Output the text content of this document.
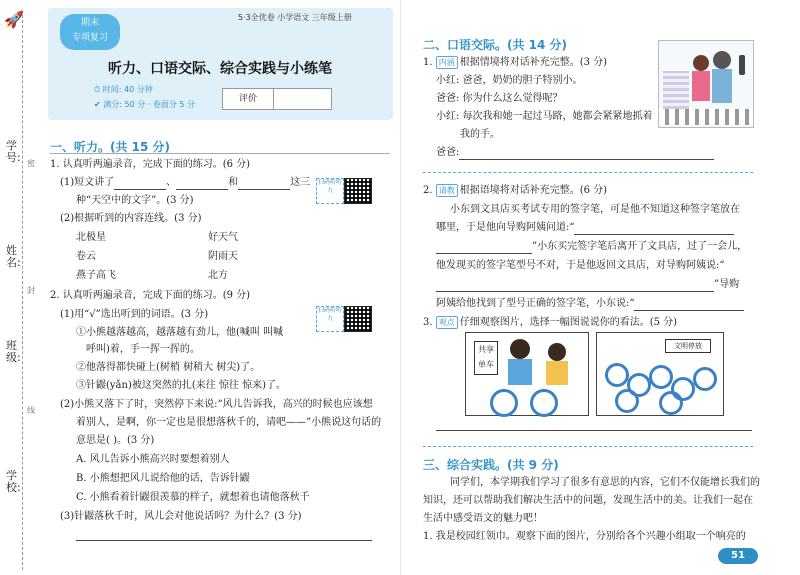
🚀
学号: 密
姓名:
封
班级:
线
学校:
期末
专项复习
5·3全优卷 小学语文 三年级上册
听力、口语交际、综合实践与小练笔
⏱ 时间: 40 分钟
✔ 满分: 50 分 · 卷面分 5 分
评价
一、听力。(共 15 分)
1. 认真听两遍录音，完成下面的练习。(6 分)
(1)短文讲了	、	和	这三
种“天空中的文字”。(3 分)
扫码听听力
(2)根据听到的内容连线。(3 分)
北极星
卷云
燕子高飞
好天气
阴雨天
北方
2. 认真听两遍录音，完成下面的练习。(9 分)
扫码听听力
(1)用“√”选出听到的词语。(3 分)
①小熊越落越高，越落越有劲儿，他(喊叫 叫喊
呼叫)着，手一挥一挥的。
②他落得都快碰上(树梢 树稍大 树尖)了。
③针鼹(yǎn)被这突然的扎(来往 惊往 惊来)了。
(2)小熊又落下了时，突然停下来说:“风儿告诉我，高兴的时候也应该想
着别人，是啊，你一定也是很想落秋千的，请吧——”小熊说这句话的
意思是( )。(3 分)
A. 风儿告诉小熊高兴时要想着别人
B. 小熊想把风儿说给他的话，告诉针鼹
C. 小熊看着针鼹很羡慕的样子，就想着也请他落秋千
(3)针鼹落秋千时，风儿会对他说话吗？为什么？(3 分)
二、口语交际。(共 14 分)
1. 内涵 根据情境将对话补充完整。(3 分)
小红: 爸爸，奶奶的胆子特别小。
爸爸: 你为什么这么觉得呢？
小红: 每次我和她一起过马路，她都会紧紧地抓着
我的手。
爸爸:
2. 请教 根据语境将对话补充完整。(6 分)
小东到文具店买考试专用的签字笔，可是他不知道这种签字笔放在
哪里，于是他向导购阿姨问道:“
”小东买完签字笔后离开了文具店，过了一会儿，
他发现买的签字笔型号不对，于是他返回文具店，对导购阿姨说:“
”导购
阿姨给他找到了型号正确的签字笔，小东说:“
3. 观点 仔细观察图片，选择一幅图说说你的看法。(5 分)
共享单车
文明停放
三、综合实践。(共 9 分)
同学们，本学期我们学习了很多有意思的内容，它们不仅能增长我们的
知识，还可以帮助我们解决生活中的问题，发现生活中的美。让我们一起在
生活中感受语文的魅力吧！
1. 我是校园红领巾。观察下面的图片，分别给各个兴趣小组取一个响亮的
51
